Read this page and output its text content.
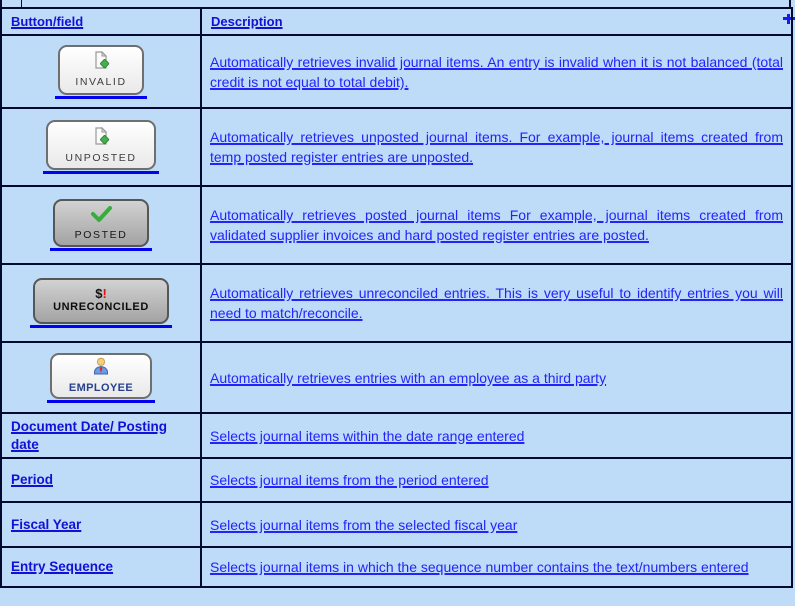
Button/field	Description

INVALID	Automatically retrieves invalid journal items. An entry is invalid when it is not balanced (total credit is not equal to total debit).

UNPOSTED	Automatically retrieves unposted journal items. For example, journal items created from temp posted register entries are unposted.

POSTED	Automatically retrieves posted journal items For example, journal items created from validated supplier invoices and hard posted register entries are posted.

$!
UNRECONCILED	Automatically retrieves unreconciled entries. This is very useful to identify entries you will need to match/reconcile.

EMPLOYEE	Automatically retrieves entries with an employee as a third party

Document Date/ Posting date	Selects journal items within the date range entered

Period	Selects journal items from the period entered

Fiscal Year	Selects journal items from the selected fiscal year

Entry Sequence	Selects journal items in which the sequence number contains the text/numbers entered
